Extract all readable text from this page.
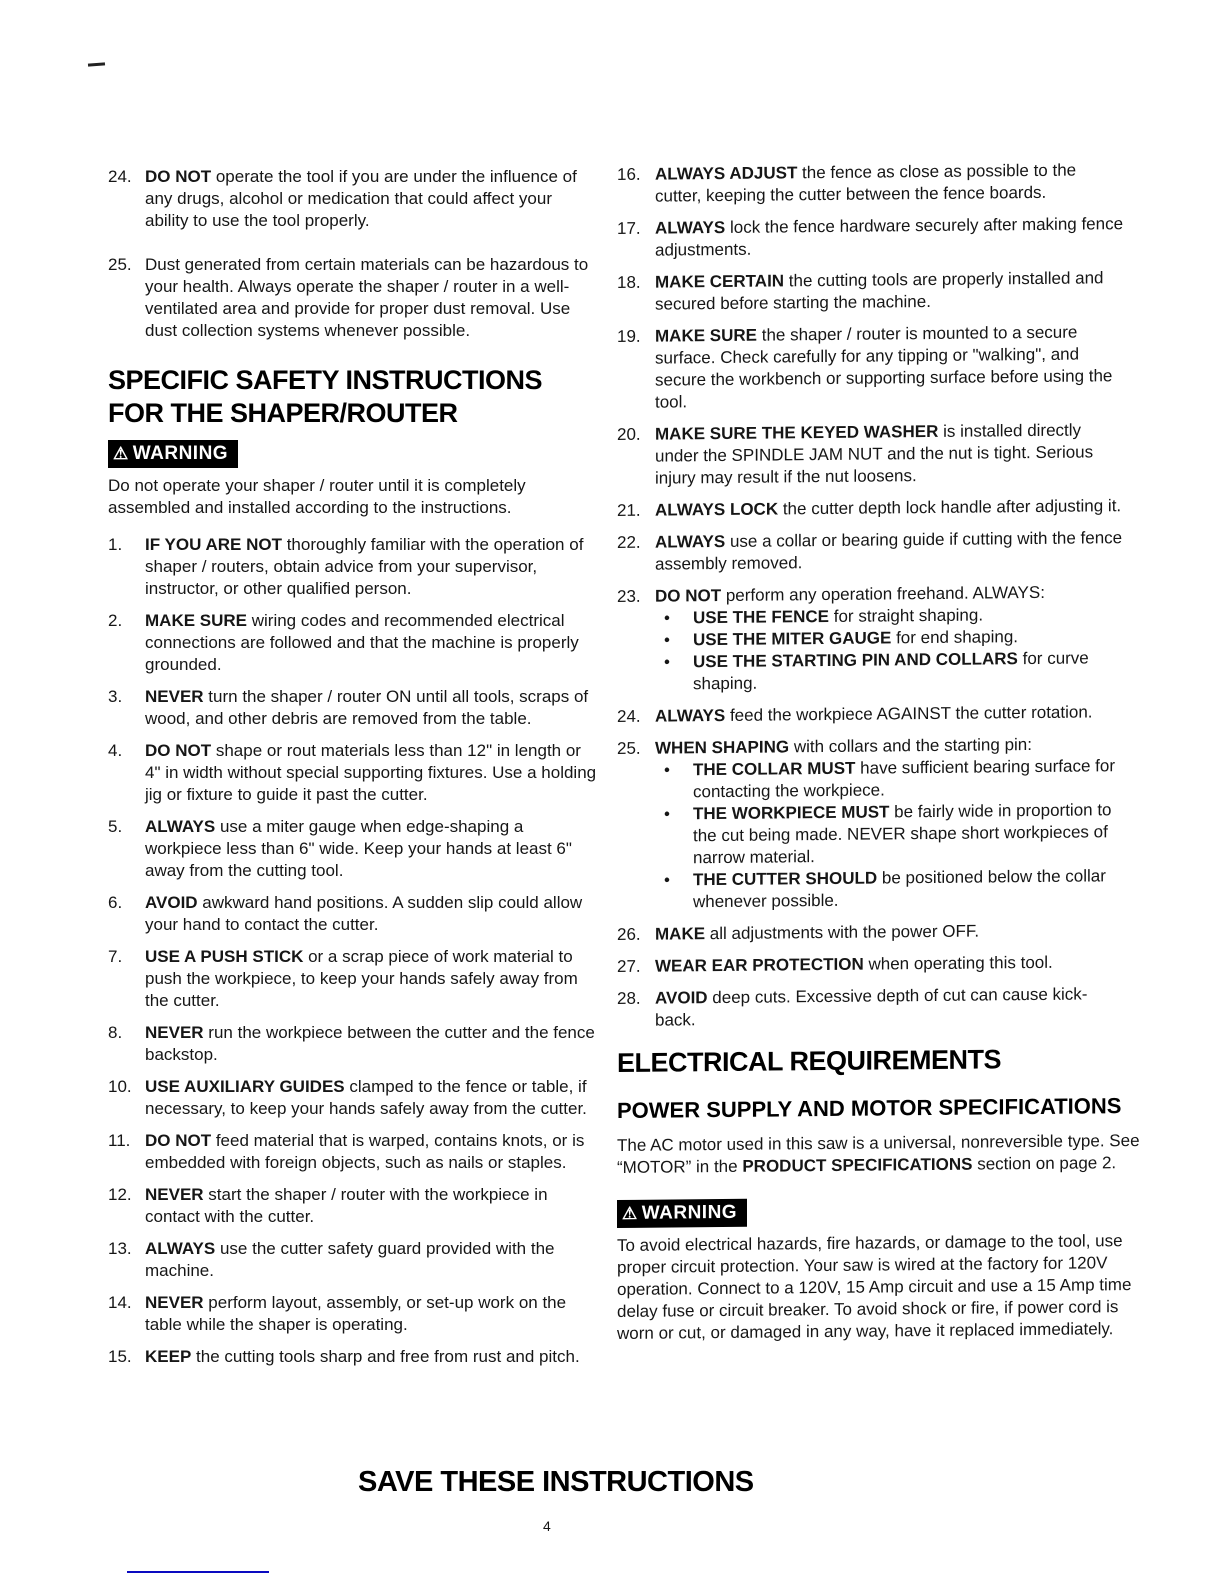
24. DO NOT operate the tool if you are under the influence of any drugs, alcohol or medication that could affect your ability to use the tool properly.
25. Dust generated from certain materials can be hazardous to your health. Always operate the shaper / router in a well-ventilated area and provide for proper dust removal. Use dust collection systems whenever possible.
SPECIFIC SAFETY INSTRUCTIONS FOR THE SHAPER/ROUTER
⚠ WARNING

Do not operate your shaper / router until it is completely assembled and installed according to the instructions.

1.	IF YOU ARE NOT thoroughly familiar with the operation of shaper / routers, obtain advice from your supervisor, instructor, or other qualified person.
2.	MAKE SURE wiring codes and recommended electrical connections are followed and that the machine is properly grounded.
3.	NEVER turn the shaper / router ON until all tools, scraps of wood, and other debris are removed from the table.
4.	DO NOT shape or rout materials less than 12" in length or 4" in width without special supporting fixtures. Use a holding jig or fixture to guide it past the cutter.
5.	ALWAYS use a miter gauge when edge-shaping a workpiece less than 6" wide. Keep your hands at least 6" away from the cutting tool.
6.	AVOID awkward hand positions. A sudden slip could allow your hand to contact the cutter.
7.	USE A PUSH STICK or a scrap piece of work material to push the workpiece, to keep your hands safely away from the cutter.
8.	NEVER run the workpiece between the cutter and the fence backstop.
10. USE AUXILIARY GUIDES clamped to the fence or table, if necessary, to keep your hands safely away from the cutter.
11. DO NOT feed material that is warped, contains knots, or is embedded with foreign objects, such as nails or staples.
12. NEVER start the shaper / router with the workpiece in contact with the cutter.
13. ALWAYS use the cutter safety guard provided with the machine.
14. NEVER perform layout, assembly, or set-up work on the table while the shaper is operating.
15. KEEP the cutting tools sharp and free from rust and pitch.
16. ALWAYS ADJUST the fence as close as possible to the cutter, keeping the cutter between the fence boards.
17. ALWAYS lock the fence hardware securely after making fence adjustments.
18. MAKE CERTAIN the cutting tools are properly installed and secured before starting the machine.
19. MAKE SURE the shaper / router is mounted to a secure surface. Check carefully for any tipping or "walking", and secure the workbench or supporting surface before using the tool.
20. MAKE SURE THE KEYED WASHER is installed directly under the SPINDLE JAM NUT and the nut is tight. Serious injury may result if the nut loosens.
21. ALWAYS LOCK the cutter depth lock handle after adjusting it.
22. ALWAYS use a collar or bearing guide if cutting with the fence assembly removed.
23. DO NOT perform any operation freehand. ALWAYS:
•	USE THE FENCE for straight shaping.
•	USE THE MITER GAUGE for end shaping.
•	USE THE STARTING PIN AND COLLARS for curve shaping.
24. ALWAYS feed the workpiece AGAINST the cutter rotation.
25. WHEN SHAPING with collars and the starting pin:
•	THE COLLAR MUST have sufficient bearing surface for contacting the workpiece.
•	THE WORKPIECE MUST be fairly wide in proportion to the cut being made. NEVER shape short workpieces of narrow material.
•	THE CUTTER SHOULD be positioned below the collar whenever possible.
26. MAKE all adjustments with the power OFF.
27. WEAR EAR PROTECTION when operating this tool.
28. AVOID deep cuts. Excessive depth of cut can cause kick-back.
ELECTRICAL REQUIREMENTS
POWER SUPPLY AND MOTOR SPECIFICATIONS

The AC motor used in this saw is a universal, nonreversible type. See “MOTOR” in the PRODUCT SPECIFICATIONS section on page 2.

⚠ WARNING

To avoid electrical hazards, fire hazards, or damage to the tool, use proper circuit protection. Your saw is wired at the factory for 120V operation. Connect to a 120V, 15 Amp circuit and use a 15 Amp time delay fuse or circuit breaker. To avoid shock or fire, if power cord is worn or cut, or damaged in any way, have it replaced immediately.

SAVE THESE INSTRUCTIONS
4
